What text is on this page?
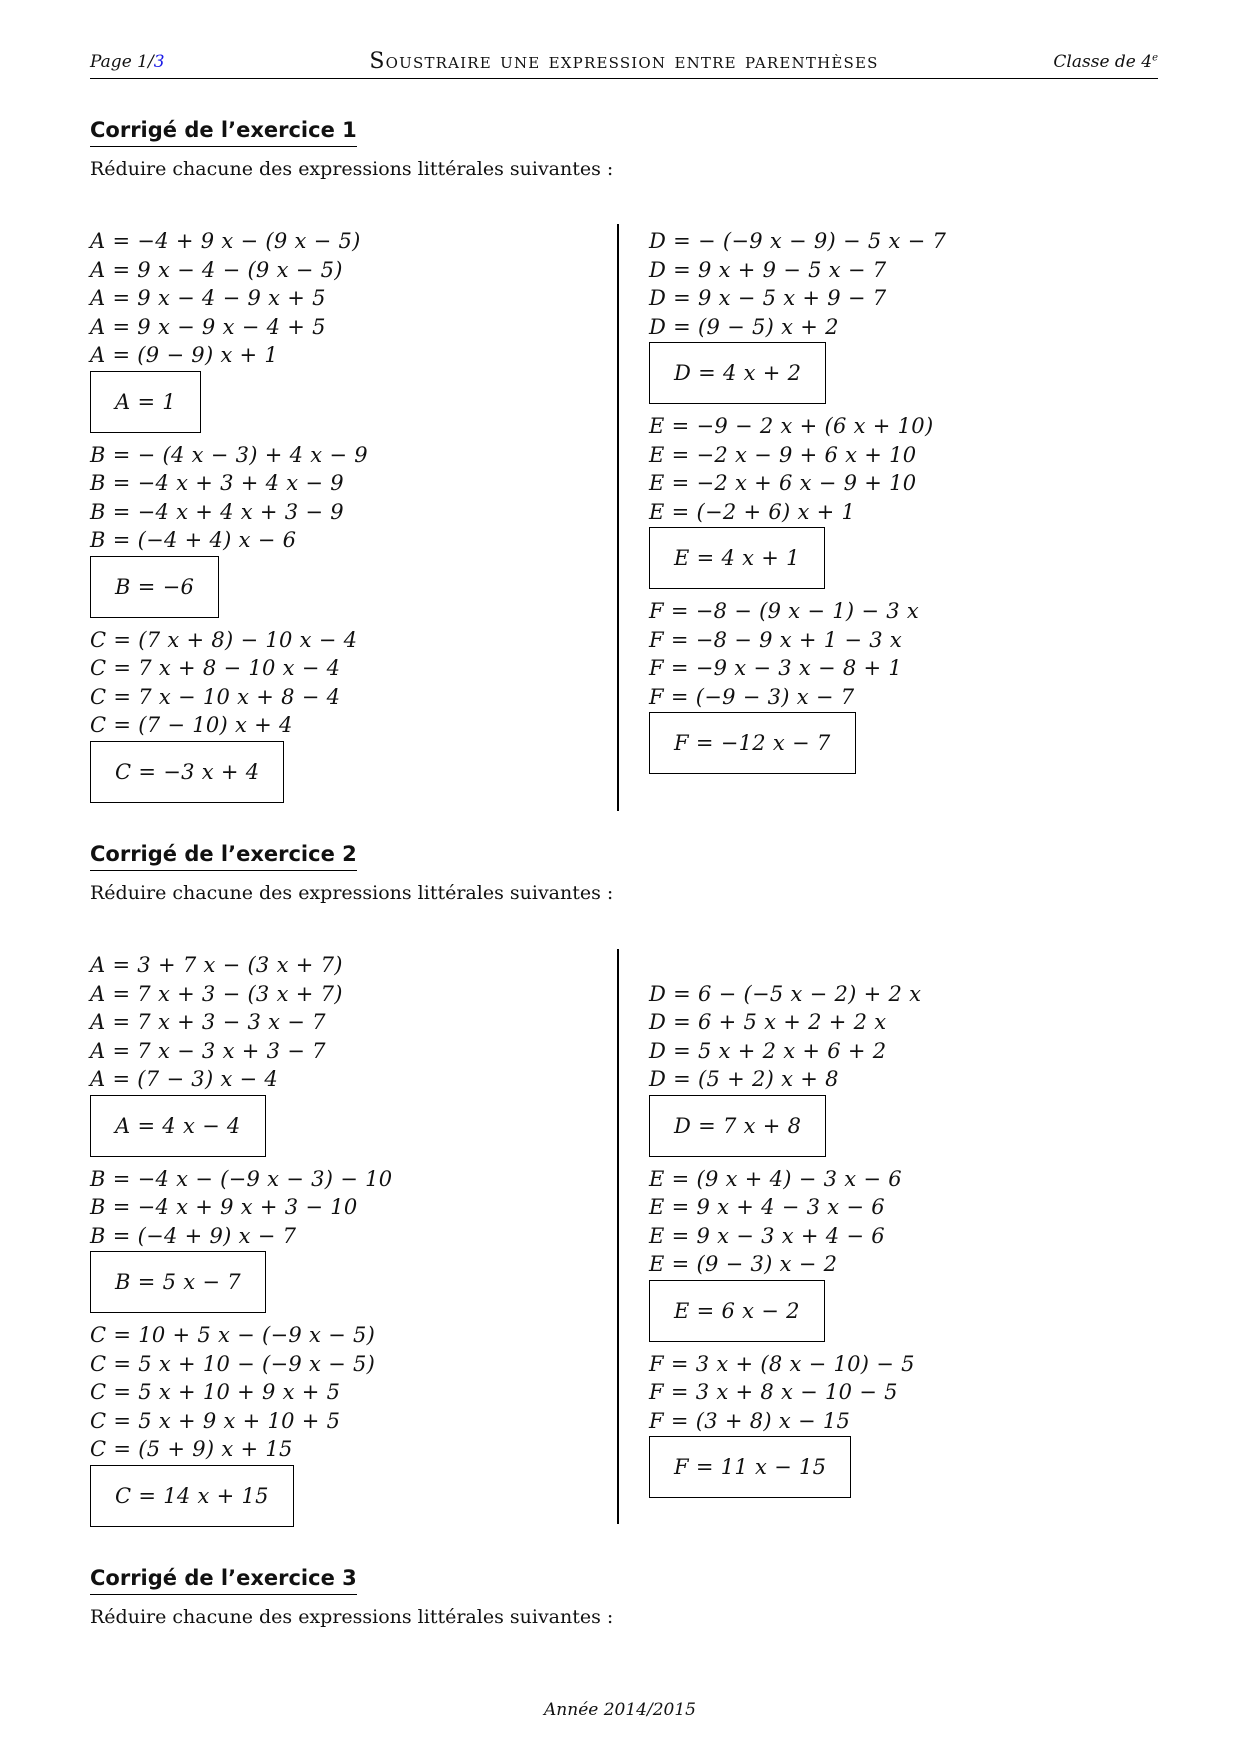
Page 1/3	Soustraire une expression entre parenthèses	Classe de 4e
Corrigé de l’exercice 1
Réduire chacune des expressions littérales suivantes :
A = −4 + 9 x − (9 x − 5)
A = 9 x − 4 − (9 x − 5)
A = 9 x − 4 − 9 x + 5
A = 9 x − 9 x − 4 + 5
A = (9 − 9) x + 1
A = 1
B = − (4 x − 3) + 4 x − 9
B = −4 x + 3 + 4 x − 9
B = −4 x + 4 x + 3 − 9
B = (−4 + 4) x − 6
B = −6
C = (7 x + 8) − 10 x − 4
C = 7 x + 8 − 10 x − 4
C = 7 x − 10 x + 8 − 4
C = (7 − 10) x + 4
C = −3 x + 4
D = − (−9 x − 9) − 5 x − 7
D = 9 x + 9 − 5 x − 7
D = 9 x − 5 x + 9 − 7
D = (9 − 5) x + 2
D = 4 x + 2
E = −9 − 2 x + (6 x + 10)
E = −2 x − 9 + 6 x + 10
E = −2 x + 6 x − 9 + 10
E = (−2 + 6) x + 1
E = 4 x + 1
F = −8 − (9 x − 1) − 3 x
F = −8 − 9 x + 1 − 3 x
F = −9 x − 3 x − 8 + 1
F = (−9 − 3) x − 7
F = −12 x − 7
Corrigé de l’exercice 2
Réduire chacune des expressions littérales suivantes :
A = 3 + 7 x − (3 x + 7)
A = 7 x + 3 − (3 x + 7)
A = 7 x + 3 − 3 x − 7
A = 7 x − 3 x + 3 − 7
A = (7 − 3) x − 4
A = 4 x − 4
B = −4 x − (−9 x − 3) − 10
B = −4 x + 9 x + 3 − 10
B = (−4 + 9) x − 7
B = 5 x − 7
C = 10 + 5 x − (−9 x − 5)
C = 5 x + 10 − (−9 x − 5)
C = 5 x + 10 + 9 x + 5
C = 5 x + 9 x + 10 + 5
C = (5 + 9) x + 15
C = 14 x + 15
D = 6 − (−5 x − 2) + 2 x
D = 6 + 5 x + 2 + 2 x
D = 5 x + 2 x + 6 + 2
D = (5 + 2) x + 8
D = 7 x + 8
E = (9 x + 4) − 3 x − 6
E = 9 x + 4 − 3 x − 6
E = 9 x − 3 x + 4 − 6
E = (9 − 3) x − 2
E = 6 x − 2
F = 3 x + (8 x − 10) − 5
F = 3 x + 8 x − 10 − 5
F = (3 + 8) x − 15
F = 11 x − 15
Corrigé de l’exercice 3
Réduire chacune des expressions littérales suivantes :
Année 2014/2015
